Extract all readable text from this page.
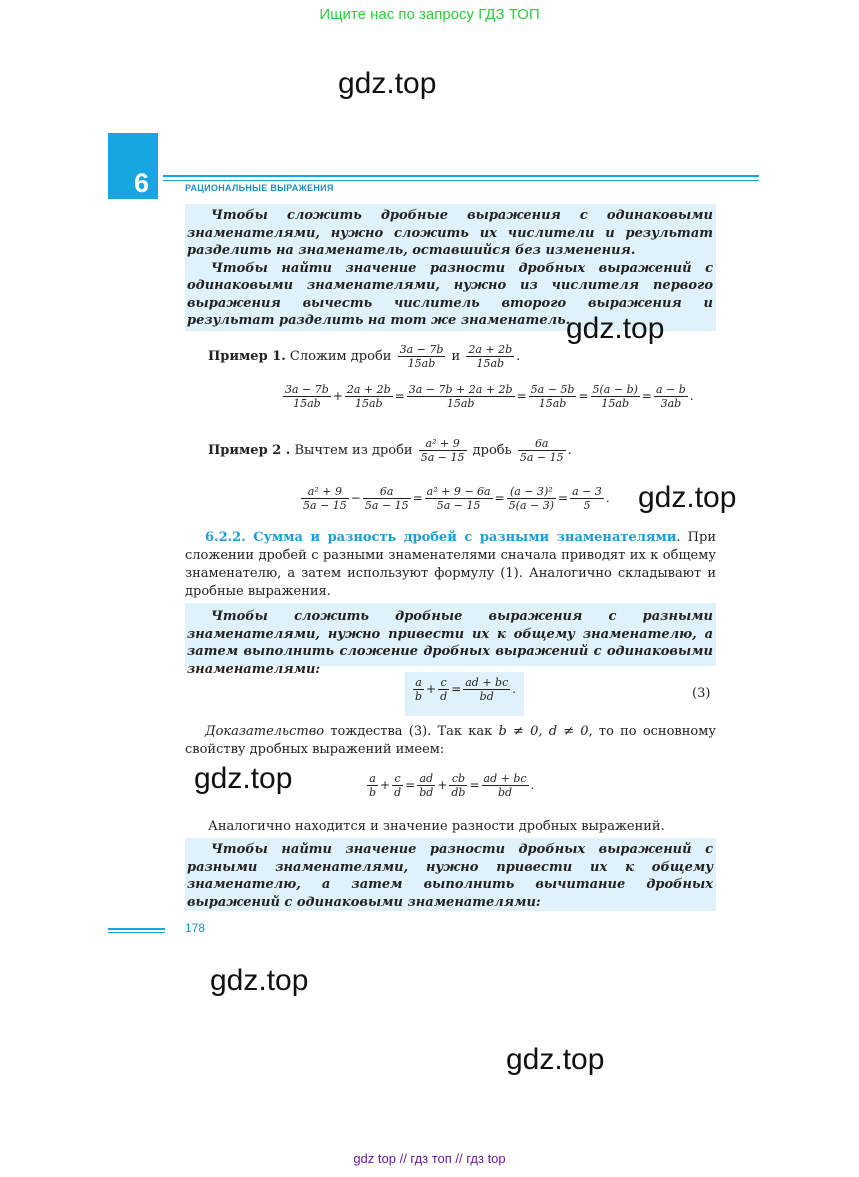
Ищите нас по запросу ГДЗ ТОП
gdz.top
6	РАЦИОНАЛЬНЫЕ ВЫРАЖЕНИЯ

Чтобы сложить дробные выражения с одинаковыми знаменателями, нужно сложить их числители и результат разделить на знаменатель, оставшийся без изменения.

Чтобы найти значение разности дробных выражений с одинаковыми знаменателями, нужно из числителя первого выражения вычесть числитель второго выражения и результат разделить на тот же знаменатель.

gdz.top
Пример 1. Сложим дроби $\frac{3a - 7b}{15ab}$ и $\frac{2a + 2b}{15ab}$ .
$\frac{3a - 7b}{15ab} + \frac{2a + 2b}{15ab} = \frac{3a - 7b + 2a + 2b}{15ab} = \frac{5a - 5b}{15ab} = \frac{5(a - b)}{15ab} = \frac{a - b}{3ab}$ .
Пример 2 . Вычтем из дроби $\frac{\text{a² + 9}}{5a - 15}$ дробь $\frac{6a}{5a - 15}$ .
$\frac{\text{a² + 9}}{5a - 15} - \frac{6a}{5a - 15} = \frac{\text{a² + 9 − 6a}}{5a - 15} = \frac{\text{(a − 3)²}}{5(a - 3)} = \frac{a - 3}{5}$ . gdz.top

6.2.2. Сумма и разность дробей с разными знаменателями. При сложении дробей с разными знаменателями сначала приводят их к общему знаменателю, а затем используют формулу (1). Аналогично складывают и дробные выражения.

Чтобы сложить дробные выражения с разными знаменателями, нужно привести их к общему знаменателю, а затем выполнить сложение дробных выражений с одинаковыми знаменателями:

$\frac{a}{b} + \frac{c}{d} = \frac{ad + bc}{bd}$ .	(3)

Доказательство тождества (3). Так как b ≠ 0, d ≠ 0, то по основному свойству дробных выражений имеем:

gdz.top	$\frac{a}{b} + \frac{c}{d} = \frac{ad}{bd} + \frac{cb}{db} = \frac{ad + bc}{bd}$ .
Аналогично находится и значение разности дробных выражений.

Чтобы найти значение разности дробных выражений с разными знаменателями, нужно привести их к общему знаменателю, а затем выполнить вычитание дробных выражений с одинаковыми знаменателями:

178
gdz.top
gdz.top
gdz top // гдз топ // гдз top
